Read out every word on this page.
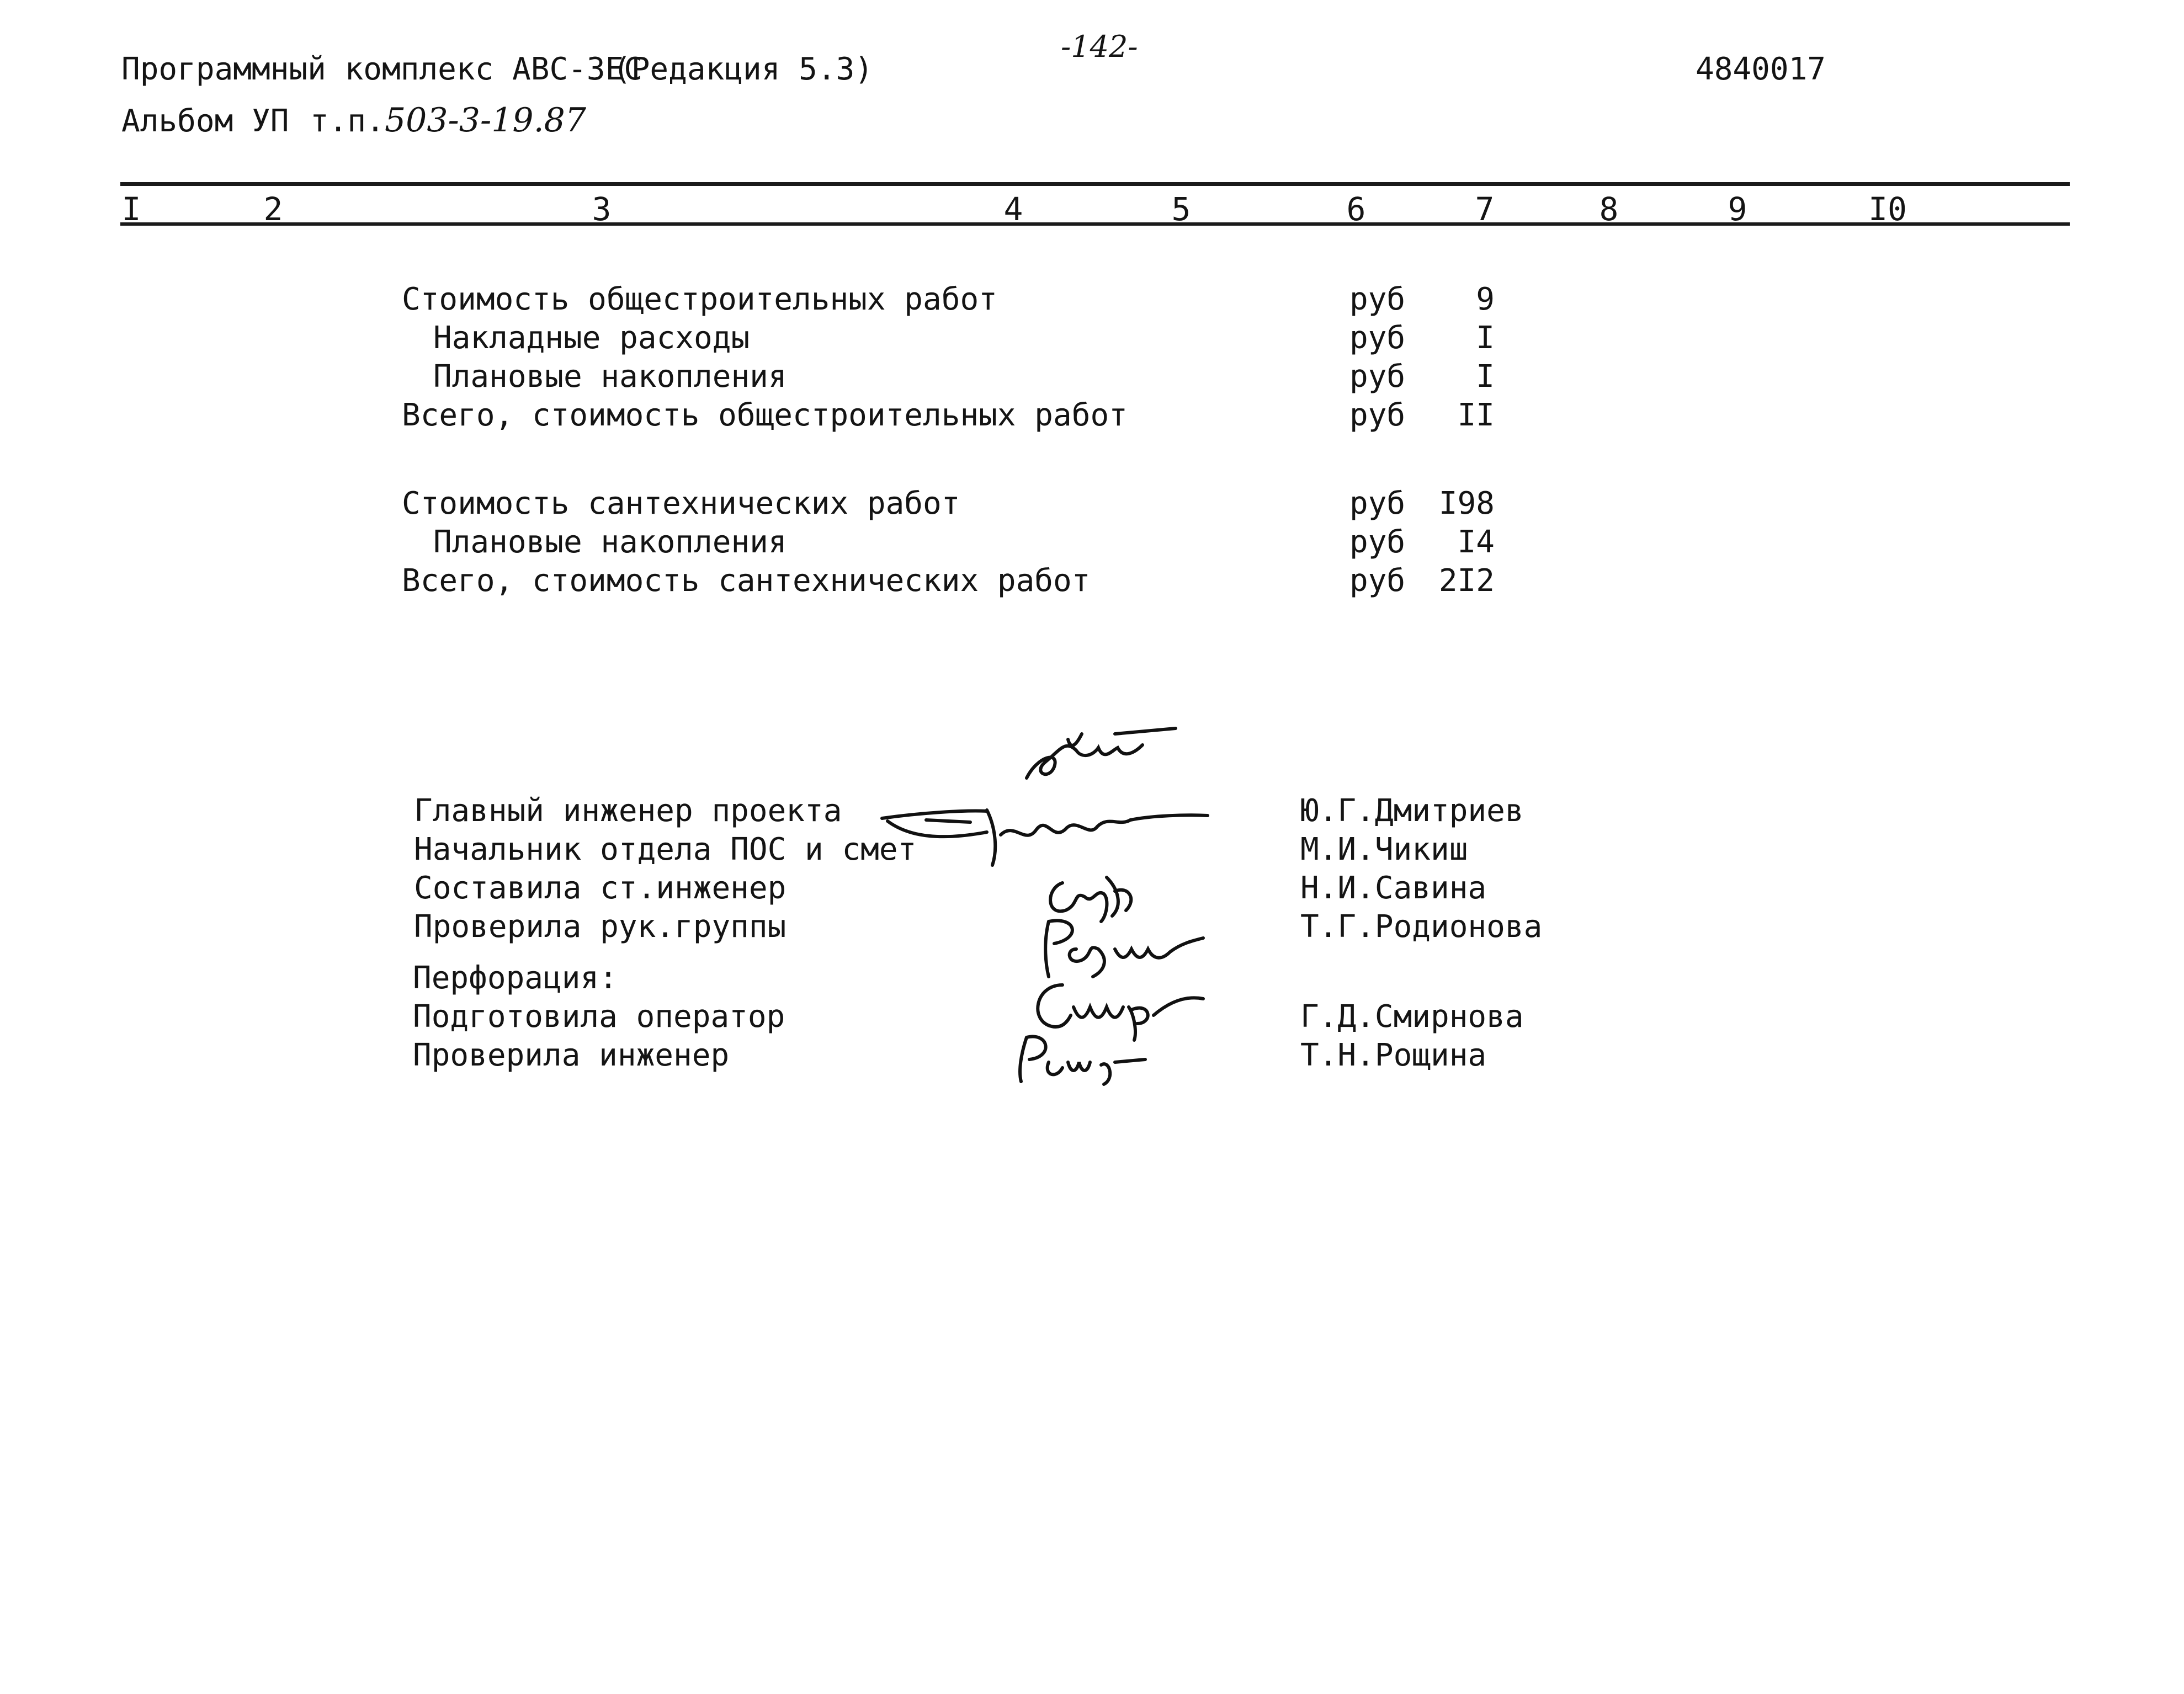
Программный комплекс АВС-ЗЕС
(Редакция 5.3)
-142-
4840017
Альбом УП т.п. 503-3-19.87
I	2	3	4	5	6	7	8	9	I0
Стоимость общестроительных работ	руб	9
Накладные расходы	руб	I
Плановые накопления	руб	I
Всего, стоимость общестроительных работ	руб	II
Стоимость сантехнических работ	руб	I98
Плановые накопления	руб	I4
Всего, стоимость сантехнических работ	руб	2I2
Главный инженер проекта	Ю.Г.Дмитриев
Начальник отдела ПОС и смет	М.И.Чикиш
Составила ст.инженер	Н.И.Савина
Проверила рук.группы	Т.Г.Родионова
Перфорация:
Подготовила оператор	Г.Д.Смирнова
Проверила инженер	Т.Н.Рощина
